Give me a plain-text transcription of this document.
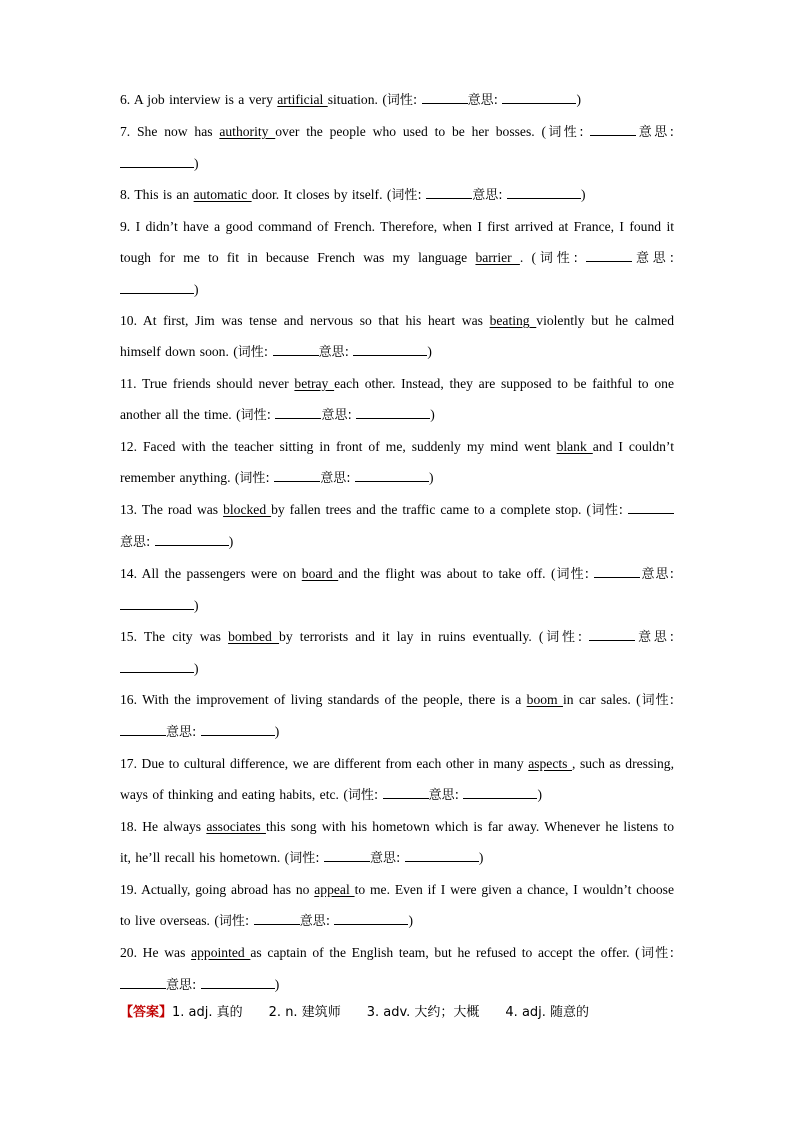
6. A job interview is a very artificial situation. (词性:	意思:	)

7. She now has authority over the people who used to be her bosses. (词性:	意思: )

8. This is an automatic door. It closes by itself. (词性:	意思:	)

9. I didn’t have a good command of French. Therefore, when I first arrived at France, I found it tough for me to fit in because French was my language barrier . (词性:	意思: )

10. At first, Jim was tense and nervous so that his heart was beating violently but he calmed himself down soon. (词性:	意思:	)

11. True friends should never betray each other. Instead, they are supposed to be faithful to one another all the time. (词性:	意思:	)

12. Faced with the teacher sitting in front of me, suddenly my mind went blank and I couldn’t remember anything. (词性:	意思:	)

13. The road was blocked by fallen trees and the traffic came to a complete stop. (词性: 意思:	)

14. All the passengers were on board and the flight was about to take off. (词性:	意思: )

15. The city was bombed by terrorists and it lay in ruins eventually. (词性:	意思: )

16. With the improvement of living standards of the people, there is a boom in car sales. (词性: 意思:	)

17. Due to cultural difference, we are different from each other in many aspects , such as dressing, ways of thinking and eating habits, etc. (词性:	意思:	)

18. He always associates this song with his hometown which is far away. Whenever he listens to it, he’ll recall his hometown. (词性:	意思:	)

19. Actually, going abroad has no appeal to me. Even if I were given a chance, I wouldn’t choose to live overseas. (词性:	意思:	)

20. He was appointed as captain of the English team, but he refused to accept the offer. (词性: 意思:	)

【答案】1. adj. 真的 2. n. 建筑师 3. adv. 大约；大概 4. adj. 随意的
